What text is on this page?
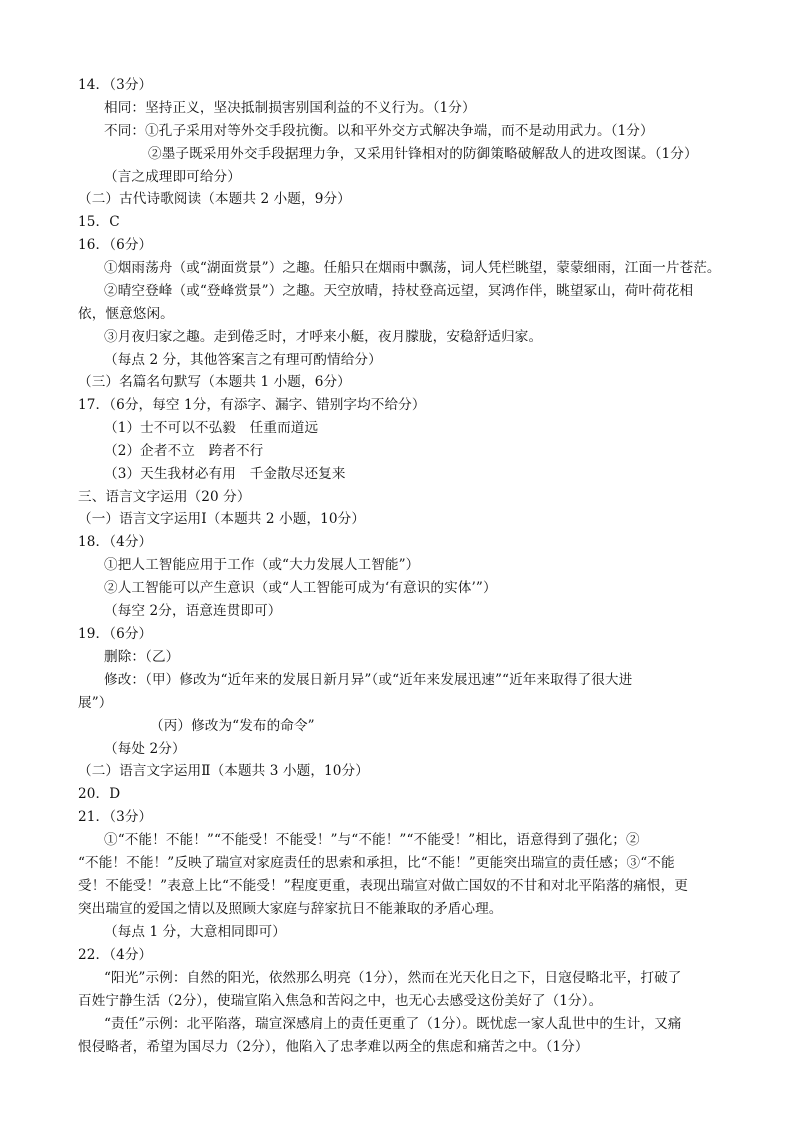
14．（3分）
相同：坚持正义，坚决抵制损害别国利益的不义行为。（1分）
不同：①孔子采用对等外交手段抗衡。以和平外交方式解决争端，而不是动用武力。（1分）
②墨子既采用外交手段据理力争，又采用针锋相对的防御策略破解敌人的进攻图谋。（1分）
（言之成理即可给分）
（二）古代诗歌阅读（本题共 2 小题，9分）
15．C
16．（6分）
①烟雨荡舟（或“湖面赏景”）之趣。任船只在烟雨中飘荡，词人凭栏眺望，蒙蒙细雨，江面一片苍茫。
②晴空登峰（或“登峰赏景”）之趣。天空放晴，持杖登高远望，冥鸿作伴，眺望冢山，荷叶荷花相
依，惬意悠闲。
③月夜归家之趣。走到倦乏时，才呼来小艇，夜月朦胧，安稳舒适归家。
（每点 2 分，其他答案言之有理可酌情给分）
（三）名篇名句默写（本题共 1 小题，6分）
17．（6分，每空 1分，有添字、漏字、错别字均不给分）
（1）士不可以不弘毅　任重而道远
（2）企者不立　跨者不行
（3）天生我材必有用　千金散尽还复来
三、语言文字运用（20 分）
（一）语言文字运用Ⅰ（本题共 2 小题，10分）
18．（4分）
①把人工智能应用于工作（或“大力发展人工智能”）
②人工智能可以产生意识（或“人工智能可成为‘有意识的实体’”）
（每空 2分，语意连贯即可）
19．（6分）
删除：（乙）
修改：（甲）修改为“近年来的发展日新月异”（或“近年来发展迅速”“近年来取得了很大进
展”）
（丙）修改为“发布的命令”
（每处 2分）
（二）语言文字运用Ⅱ（本题共 3 小题，10分）
20．D
21．（3分）
①“不能！不能！”“不能受！不能受！”与“不能！”“不能受！”相比，语意得到了强化；②
“不能！不能！”反映了瑞宣对家庭责任的思索和承担，比“不能！”更能突出瑞宣的责任感；③“不能
受！不能受！”表意上比“不能受！”程度更重，表现出瑞宣对做亡国奴的不甘和对北平陷落的痛恨，更
突出瑞宣的爱国之情以及照顾大家庭与辞家抗日不能兼取的矛盾心理。
（每点 1 分，大意相同即可）
22．（4分）
“阳光”示例：自然的阳光，依然那么明亮（1分），然而在光天化日之下，日寇侵略北平，打破了
百姓宁静生活（2分），使瑞宣陷入焦急和苦闷之中，也无心去感受这份美好了（1分）。
“责任”示例：北平陷落，瑞宣深感肩上的责任更重了（1分）。既忧虑一家人乱世中的生计，又痛
恨侵略者，希望为国尽力（2分），他陷入了忠孝难以两全的焦虑和痛苦之中。（1分）
